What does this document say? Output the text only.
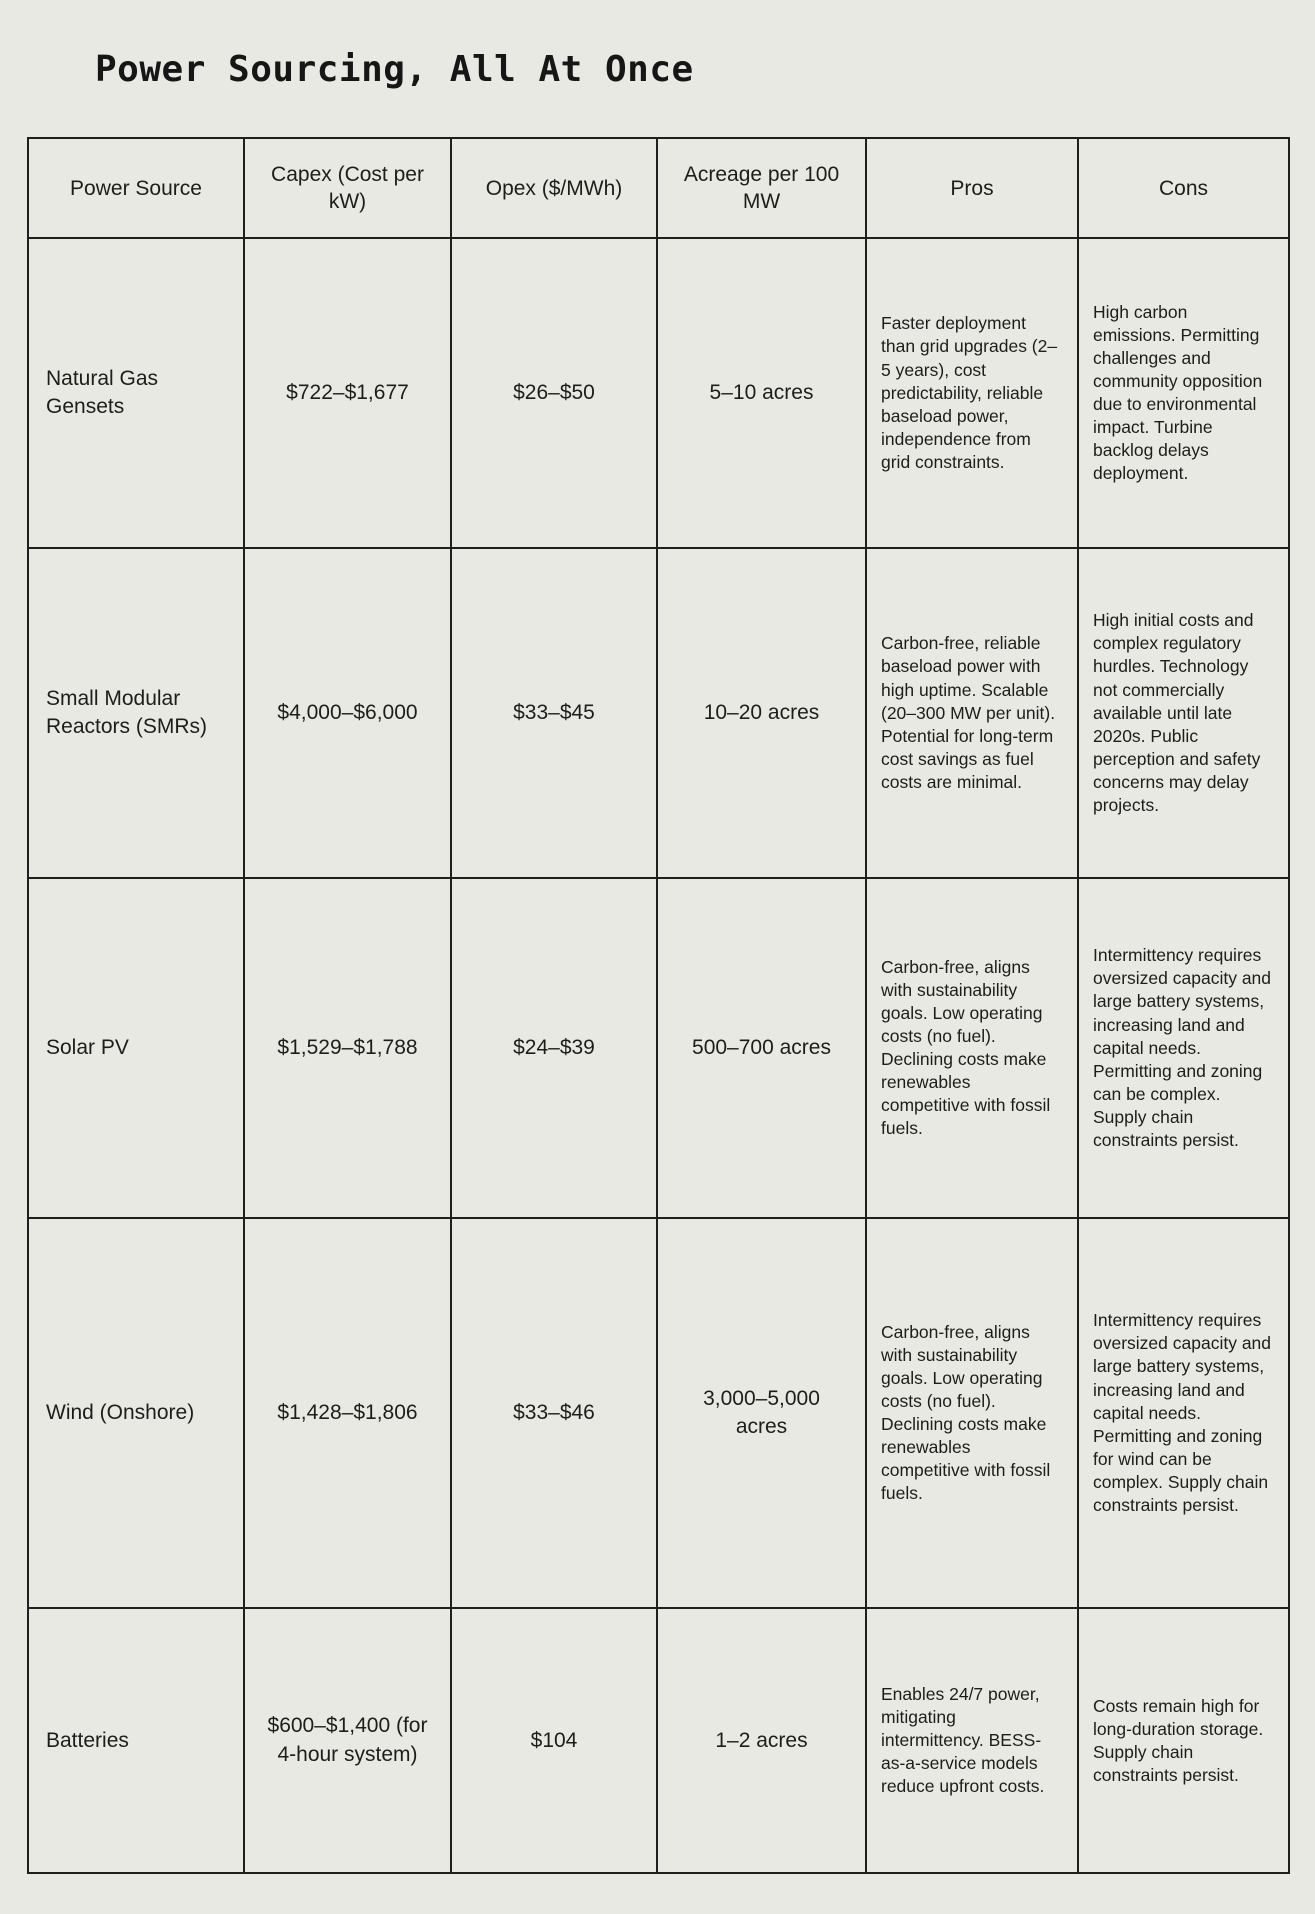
Power Sourcing, All At Once
Power Source	Capex (Cost per kW)	Opex ($/MWh)	Acreage per 100 MW	Pros	Cons
Natural Gas Gensets	$722–$1,677	$26–$50	5–10 acres	Faster deployment than grid upgrades (2–5 years), cost predictability, reliable baseload power, independence from grid constraints.	High carbon emissions. Permitting challenges and community opposition due to environmental impact. Turbine backlog delays deployment.
Small Modular Reactors (SMRs)	$4,000–$6,000	$33–$45	10–20 acres	Carbon-free, reliable baseload power with high uptime. Scalable (20–300 MW per unit). Potential for long-term cost savings as fuel costs are minimal.	High initial costs and complex regulatory hurdles. Technology not commercially available until late 2020s. Public perception and safety concerns may delay projects.
Solar PV	$1,529–$1,788	$24–$39	500–700 acres	Carbon-free, aligns with sustainability goals. Low operating costs (no fuel). Declining costs make renewables competitive with fossil fuels.	Intermittency requires oversized capacity and large battery systems, increasing land and capital needs. Permitting and zoning can be complex. Supply chain constraints persist.
Wind (Onshore)	$1,428–$1,806	$33–$46	3,000–5,000 acres	Carbon-free, aligns with sustainability goals. Low operating costs (no fuel). Declining costs make renewables competitive with fossil fuels.	Intermittency requires oversized capacity and large battery systems, increasing land and capital needs. Permitting and zoning for wind can be complex. Supply chain constraints persist.
Batteries	$600–$1,400 (for 4-hour system)	$104	1–2 acres	Enables 24/7 power, mitigating intermittency. BESS-as-a-service models reduce upfront costs.	Costs remain high for long-duration storage. Supply chain constraints persist.
